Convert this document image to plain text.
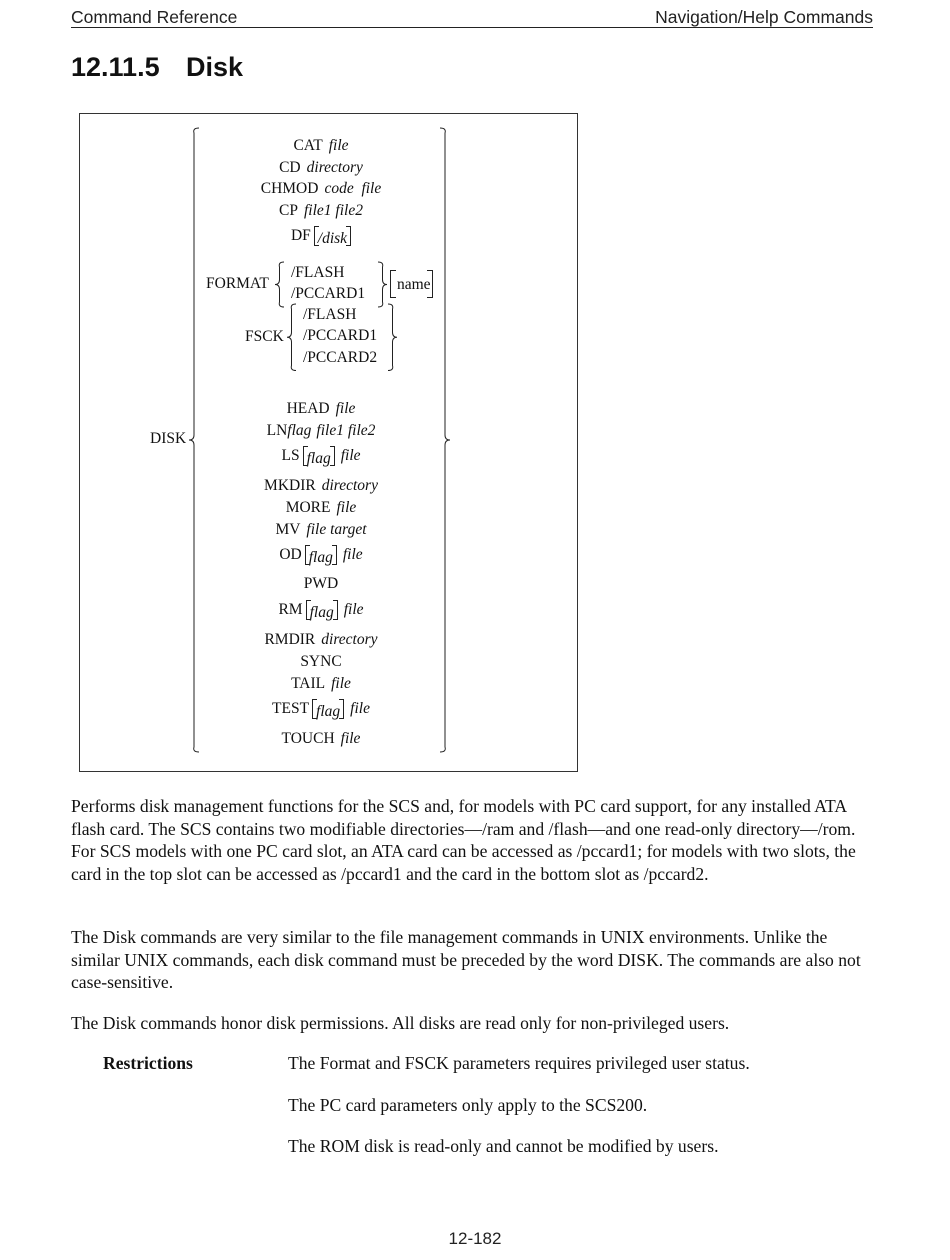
Command Reference	Navigation/Help Commands
12.11.5 Disk
DISK
CAT file
CD directory
CHMOD code  file
CP file1 file2
DF /disk
FORMAT
/FLASH
/PCCARD1
name
FSCK
/FLASH
/PCCARD1
/PCCARD2
HEAD file
LN flag file1 file2
LS flag file
MKDIR directory
MORE file
MV file target
OD flag file
PWD
RM flag file
RMDIR directory
SYNC
TAIL file
TEST flag file
TOUCH file

Performs disk management functions for the SCS and, for models with PC card support, for any installed ATA flash card. The SCS contains two modifiable directories—/ram and /flash—and one read-only directory—/rom. For SCS models with one PC card slot, an ATA card can be accessed as /pccard1; for models with two slots, the card in the top slot can be accessed as /pccard1 and the card in the bottom slot as /pccard2.

The Disk commands are very similar to the file management commands in UNIX environments. Unlike the similar UNIX commands, each disk command must be preceded by the word DISK. The commands are also not case-sensitive.

The Disk commands honor disk permissions. All disks are read only for non-privileged users.

Restrictions	The Format and FSCK parameters requires privileged user status.
The PC card parameters only apply to the SCS200.
The ROM disk is read-only and cannot be modified by users.
12-182
